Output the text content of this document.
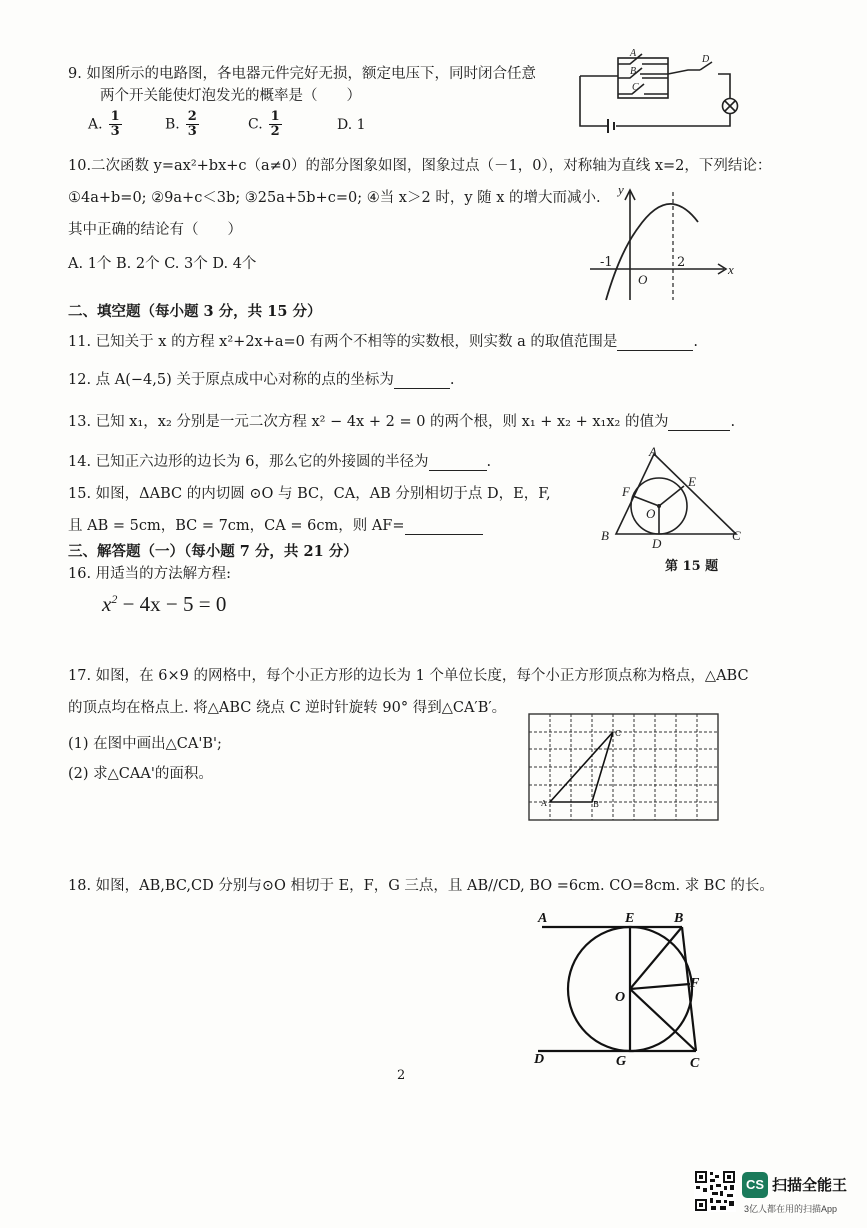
9. 如图所示的电路图，各电器元件完好无损，额定电压下，同时闭合任意
两个开关能使灯泡发光的概率是（　　）
A. $\frac{1}{3}$	B. $\frac{2}{3}$	C. $\frac{1}{2}$	D. 1
A
B
C
D
10.二次函数 y=ax²+bx+c（a≠0）的部分图象如图，图象过点（－1，0），对称轴为直线 x=2，下列结论：
①4a+b=0; ②9a+c＜3b; ③25a+5b+c=0; ④当 x＞2 时，y 随 x 的增大而减小.
其中正确的结论有（　　）
A. 1个 B. 2个 C. 3个 D. 4个
y
x
-1
O
2
二、填空题（每小题 3 分，共 15 分）
11. 已知关于 x 的方程 x²+2x+a=0 有两个不相等的实数根，则实数 a 的取值范围是	.
12. 点 A(−4,5) 关于原点成中心对称的点的坐标为	.
13. 已知 x₁，x₂ 分别是一元二次方程 x² − 4x + 2 = 0 的两个根，则 x₁ + x₂ + x₁x₂ 的值为	.
14. 已知正六边形的边长为 6，那么它的外接圆的半径为	.
15. 如图，ΔABC 的内切圆 ⊙O 与 BC，CA，AB 分别相切于点 D，E，F,
且 AB = 5cm，BC = 7cm，CA = 6cm，则 AF=
A
B	C
D
E
F
O
第 15 题
三、解答题（一）（每小题 7 分，共 21 分）
16. 用适当的方法解方程:
$x^2 - 4x - 5 = 0$
17. 如图，在 6×9 的网格中，每个小正方形的边长为 1 个单位长度，每个小正方形顶点称为格点，△ABC
的顶点均在格点上. 将△ABC 绕点 C 逆时针旋转 90° 得到△CA′B′。
(1) 在图中画出△CA'B';
(2) 求△CAA'的面积。
A	B
C
18. 如图，AB,BC,CD 分别与⊙O 相切于 E，F，G 三点，且 AB//CD, BO =6cm. CO=8cm. 求 BC 的长。
A	E	B
F
O
D	G	C
2
CS 扫描全能王
3亿人都在用的扫描App
